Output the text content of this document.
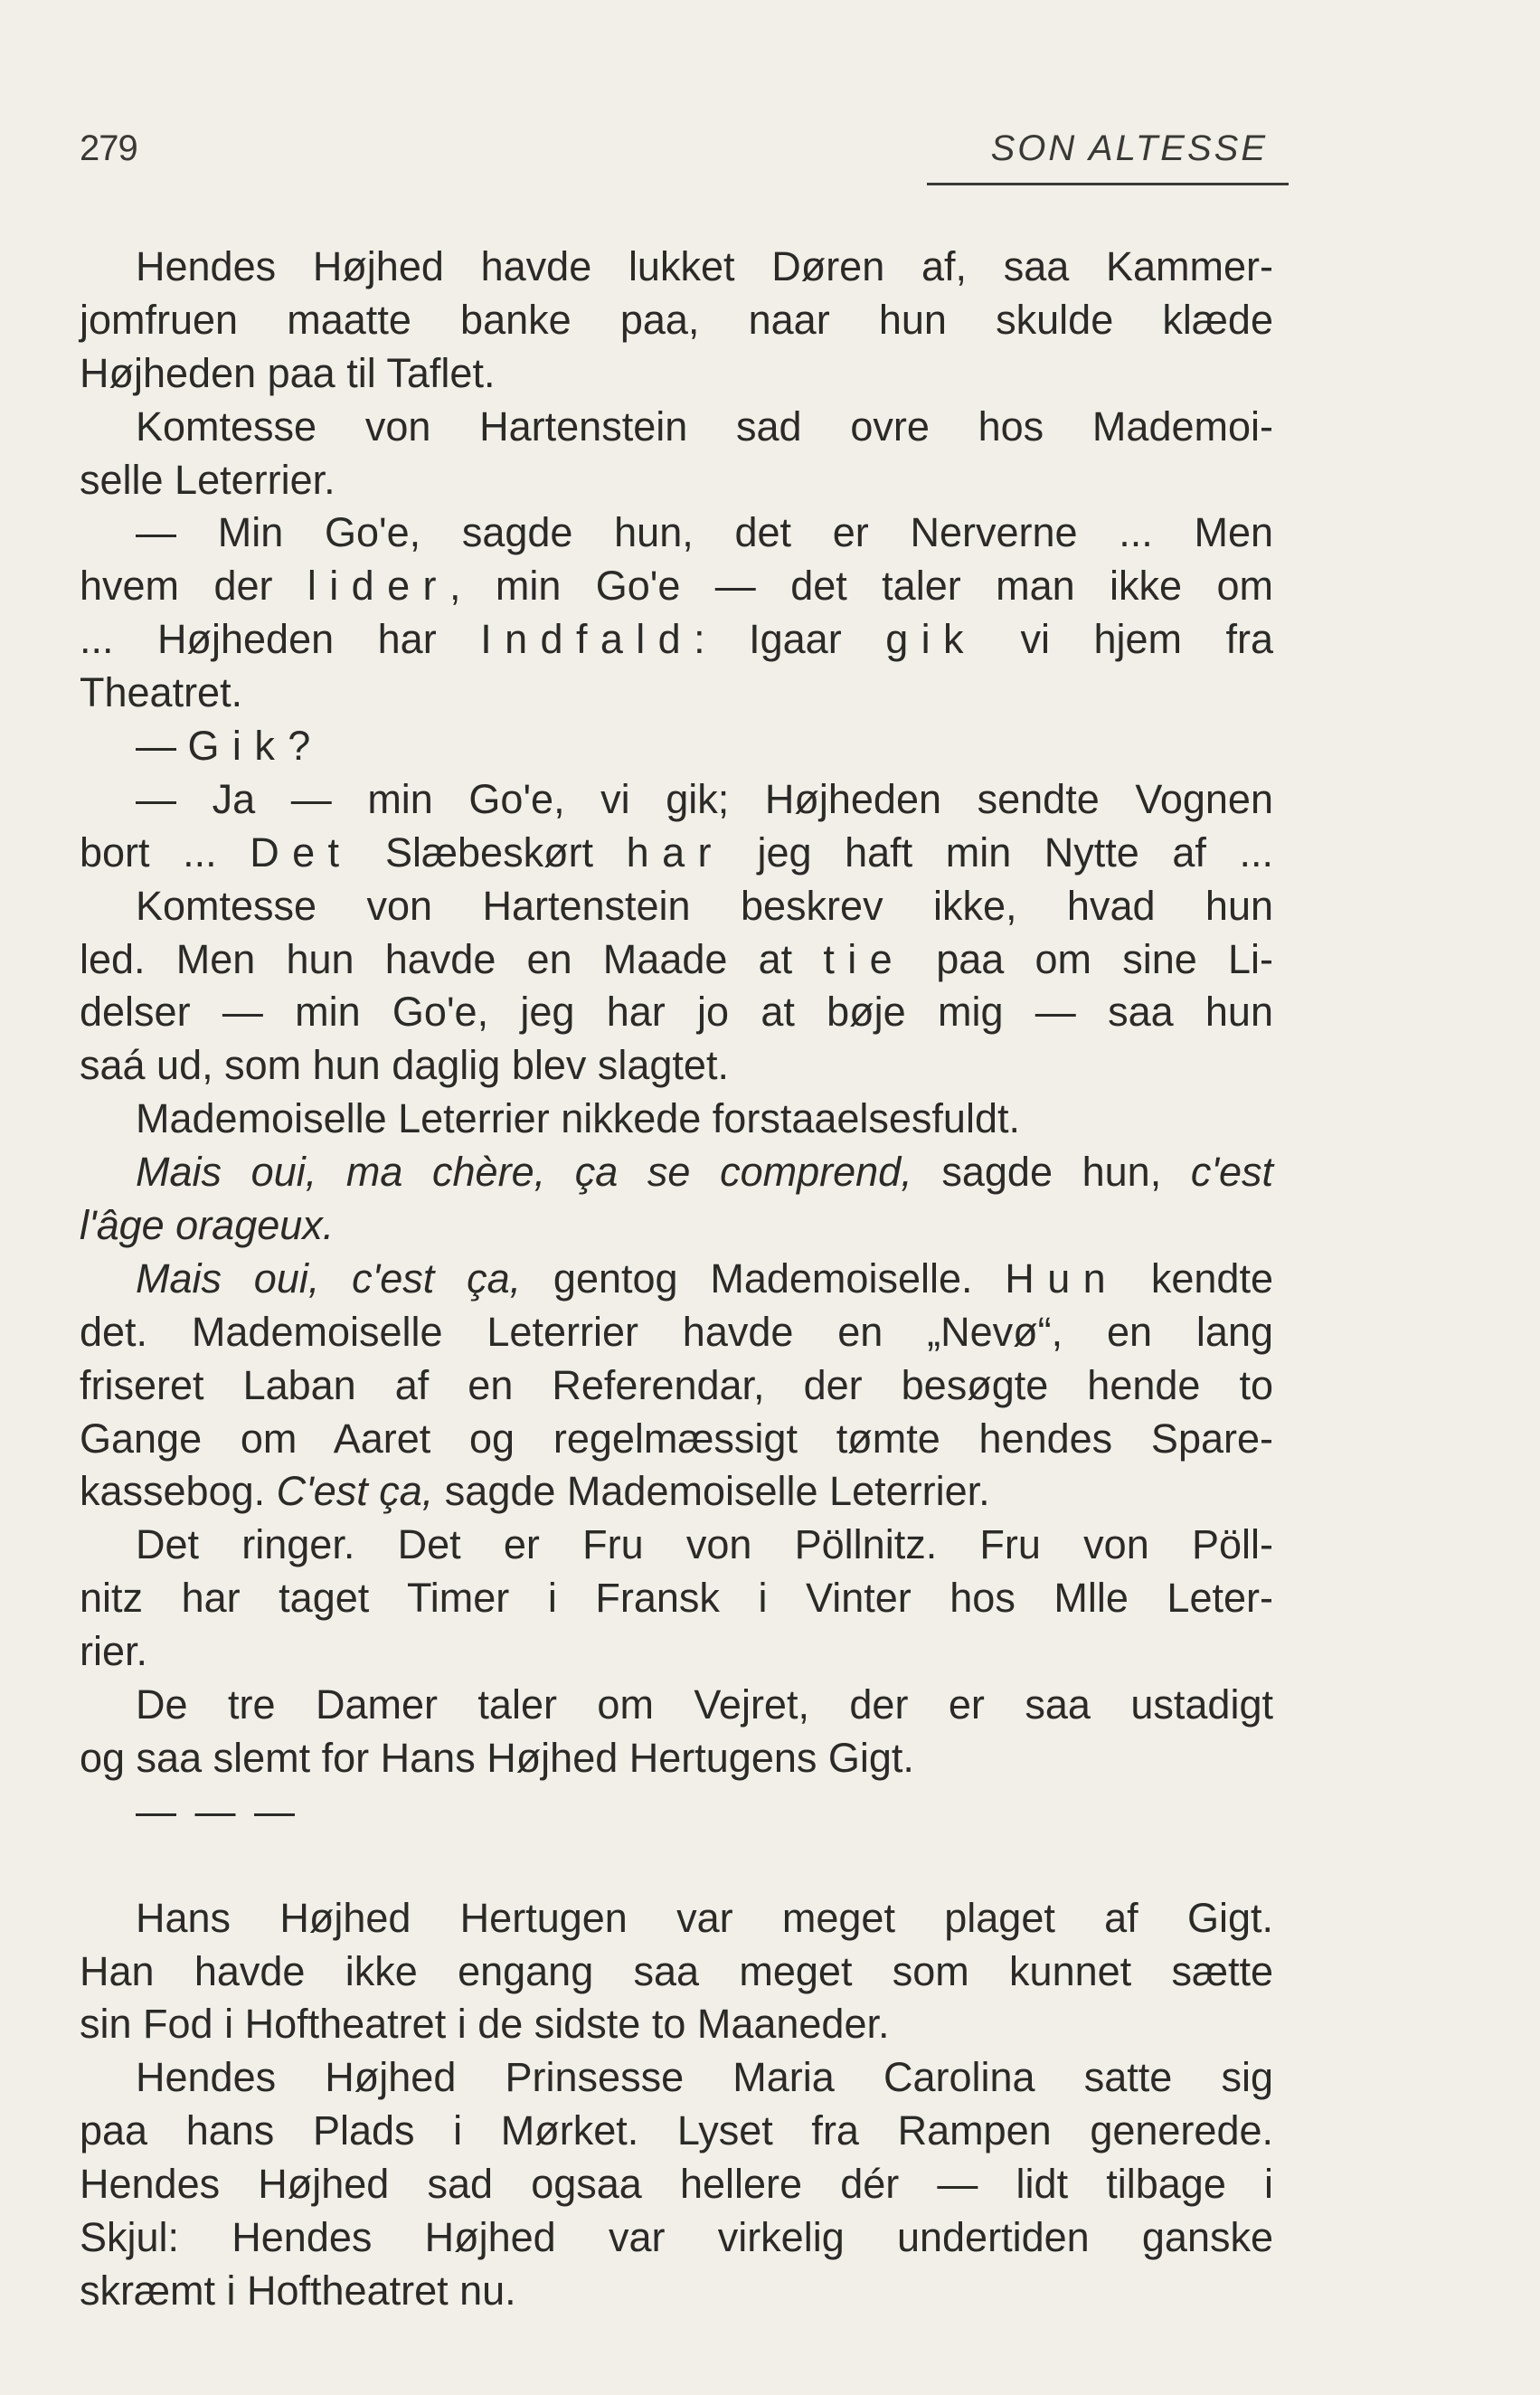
279	SON ALTESSE
Hendes Højhed havde lukket Døren af, saa Kammer-
jomfruen maatte banke paa, naar hun skulde klæde
Højheden paa til Taflet.
Komtesse von Hartenstein sad ovre hos Mademoi-
selle Leterrier.
— Min Go'e, sagde hun, det er Nerverne ... Men
hvem der lider, min Go'e — det taler man ikke om
... Højheden har Indfald: Igaar gik vi hjem fra
Theatret.
— Gik?
— Ja — min Go'e, vi gik; Højheden sendte Vognen
bort ... Det Slæbeskørt har jeg haft min Nytte af ...
Komtesse von Hartenstein beskrev ikke, hvad hun
led. Men hun havde en Maade at tie paa om sine Li-
delser — min Go'e, jeg har jo at bøje mig — saa hun
saá ud, som hun daglig blev slagtet.
Mademoiselle Leterrier nikkede forstaaelsesfuldt.
Mais oui, ma chère, ça se comprend, sagde hun, c'est
l'âge orageux.
Mais oui, c'est ça, gentog Mademoiselle. Hun kendte
det. Mademoiselle Leterrier havde en „Nevø“, en lang
friseret Laban af en Referendar, der besøgte hende to
Gange om Aaret og regelmæssigt tømte hendes Spare-
kassebog. C'est ça, sagde Mademoiselle Leterrier.
Det ringer. Det er Fru von Pöllnitz. Fru von Pöll-
nitz har taget Timer i Fransk i Vinter hos Mlle Leter-
rier.
De tre Damer taler om Vejret, der er saa ustadigt
og saa slemt for Hans Højhed Hertugens Gigt.
— — —
Hans Højhed Hertugen var meget plaget af Gigt.
Han havde ikke engang saa meget som kunnet sætte
sin Fod i Hoftheatret i de sidste to Maaneder.
Hendes Højhed Prinsesse Maria Carolina satte sig
paa hans Plads i Mørket. Lyset fra Rampen generede.
Hendes Højhed sad ogsaa hellere dér — lidt tilbage i
Skjul: Hendes Højhed var virkelig undertiden ganske
skræmt i Hoftheatret nu.
